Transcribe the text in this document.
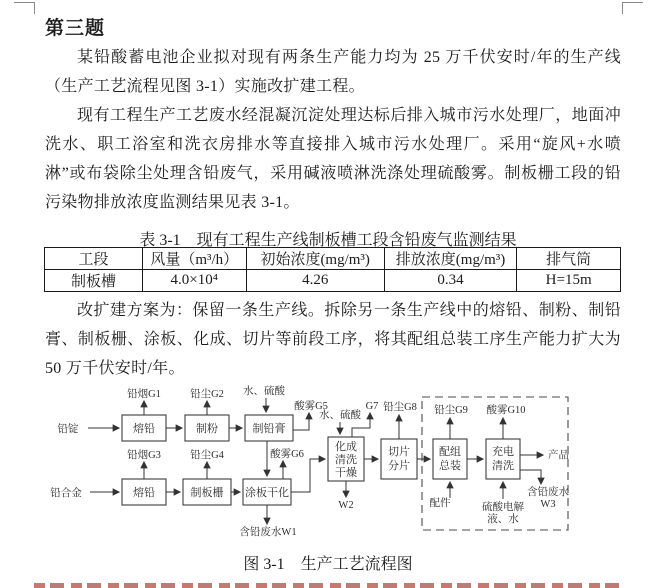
第三题
某铅酸蓄电池企业拟对现有两条生产能力均为 25 万千伏安时/年的生产线（生产工艺流程见图 3-1）实施改扩建工程。
现有工程生产工艺废水经混凝沉淀处理达标后排入城市污水处理厂，地面冲洗水、职工浴室和洗衣房排水等直接排入城市污水处理厂。采用“旋风+水喷淋”或布袋除尘处理含铅废气，采用碱液喷淋洗涤处理硫酸雾。制板栅工段的铅污染物排放浓度监测结果见表 3-1。
表 3-1　现有工程生产线制板槽工段含铅废气监测结果
工段	风量（m³/h）	初始浓度(mg/m³)	排放浓度(mg/m³)	排气筒
制板槽	4.0×10⁴	4.26	0.34	H=15m
改扩建方案为：保留一条生产线。拆除另一条生产线中的熔铅、制粉、制铅膏、制板栅、涂板、化成、切片等前段工序，将其配组总装工序生产能力扩大为 50 万千伏安时/年。
熔铅	制粉	制铅膏
熔铅	制板栅 涂板干化
化成
清洗
干燥
切片
分片
配组
总装
充电
清洗
铅锭
铅合金
水、硫酸
水、硫酸
配件	硫酸电解
液、水
铅烟G1	铅尘G2
铅烟G3	铅尘G4
酸雾G5
酸雾G6
G7 铅尘G8 铅尘G9 酸雾G10
含铅废水W1
W2
含铅废水
W3
产品
图 3-1　生产工艺流程图
